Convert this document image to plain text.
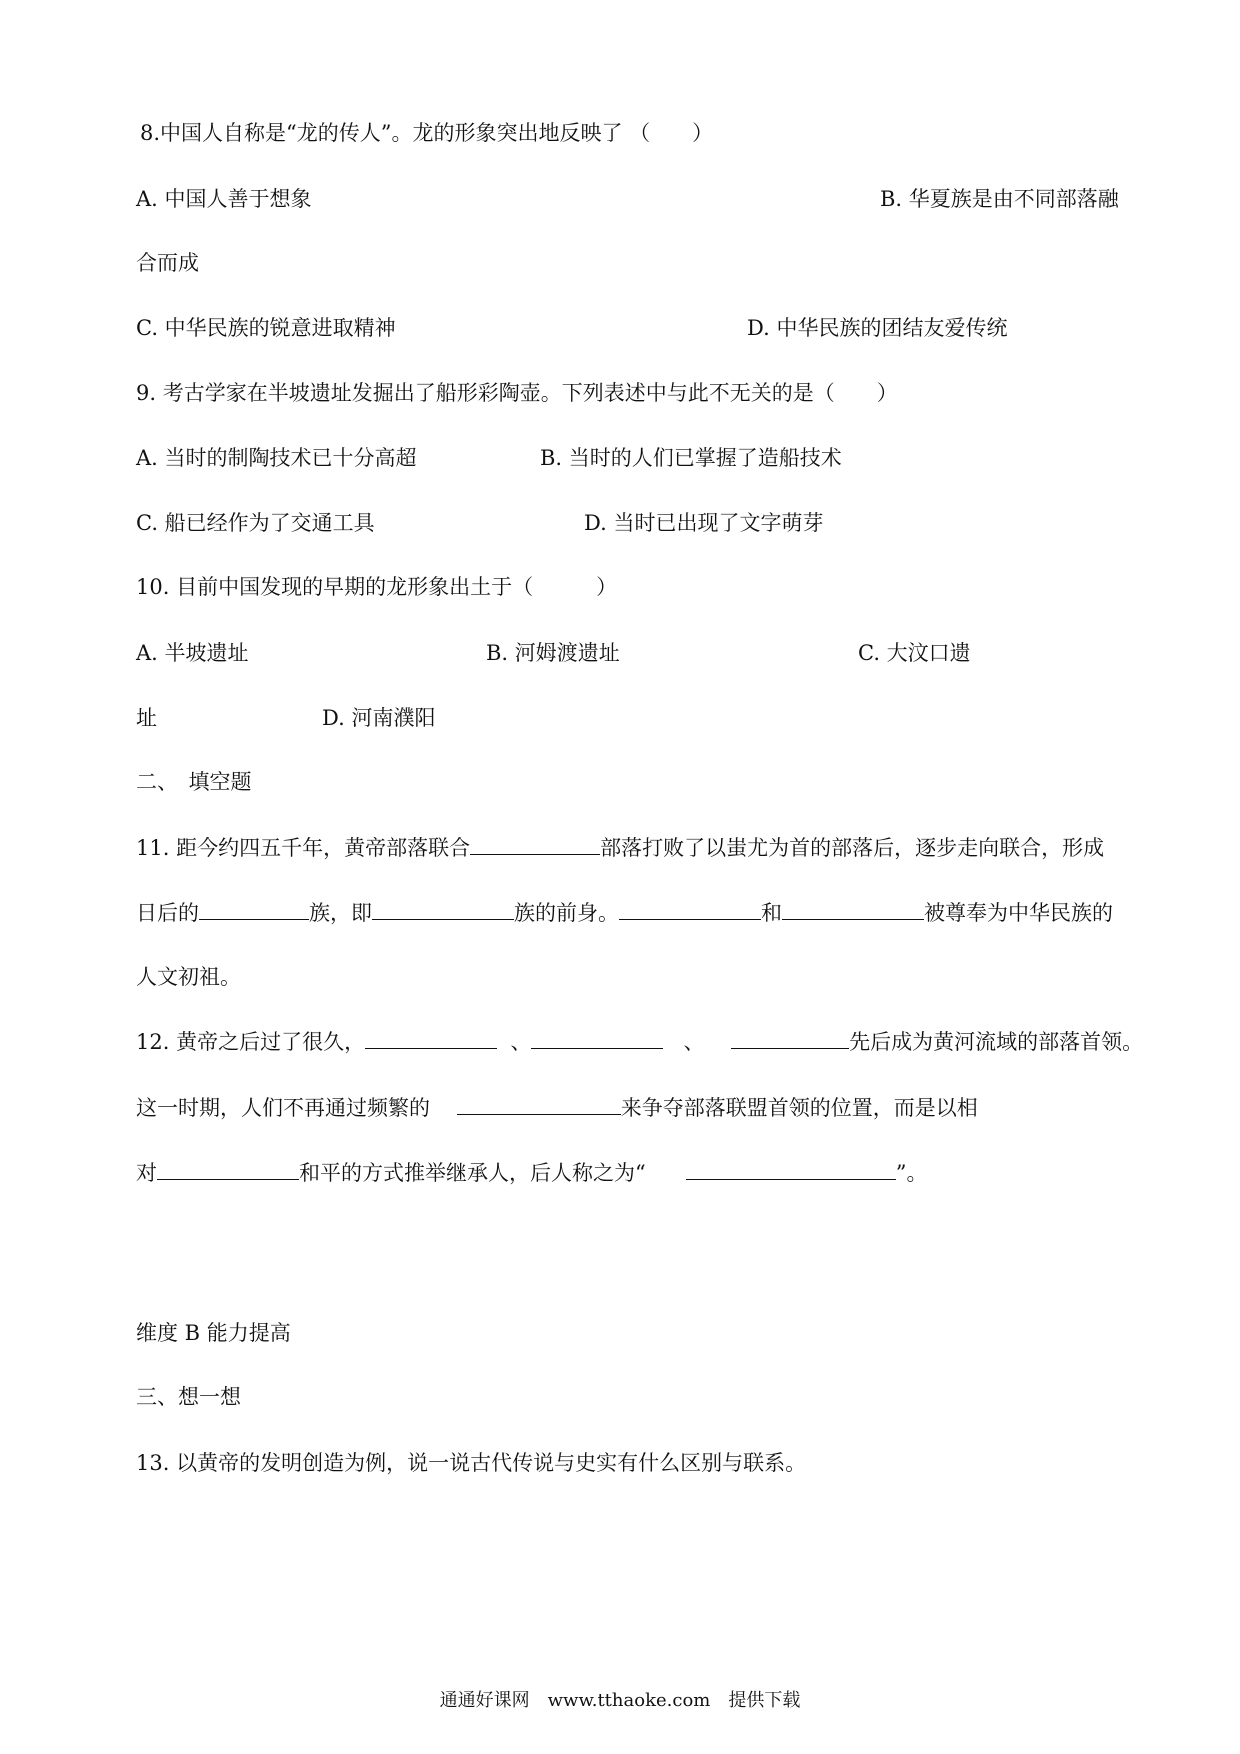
8.中国人自称是“龙的传人”。龙的形象突出地反映了 （　　）
A. 中国人善于想象	B. 华夏族是由不同部落融
合而成
C. 中华民族的锐意进取精神	D. 中华民族的团结友爱传统
9. 考古学家在半坡遗址发掘出了船形彩陶壶。下列表述中与此不无关的是（　　）
A. 当时的制陶技术已十分高超	B. 当时的人们已掌握了造船技术
C. 船已经作为了交通工具	D. 当时已出现了文字萌芽
10. 目前中国发现的早期的龙形象出土于（　　　）
A. 半坡遗址	B. 河姆渡遗址	C. 大汶口遗
址	D. 河南濮阳
二、　填空题
11. 距今约四五千年，黄帝部落联合	部落打败了以蚩尤为首的部落后，逐步走向联合，形成
日后的	族，即	族的前身。	和	被尊奉为中华民族的
人文初祖。
12. 黄帝之后过了很久，	、	、	先后成为黄河流域的部落首领。
这一时期，人们不再通过频繁的	来争夺部落联盟首领的位置，而是以相
对	和平的方式推举继承人，后人称之为“	”。
维度 B 能力提高
三、想一想
13. 以黄帝的发明创造为例，说一说古代传说与史实有什么区别与联系。
通通好课网　www.tthaoke.com　提供下载
